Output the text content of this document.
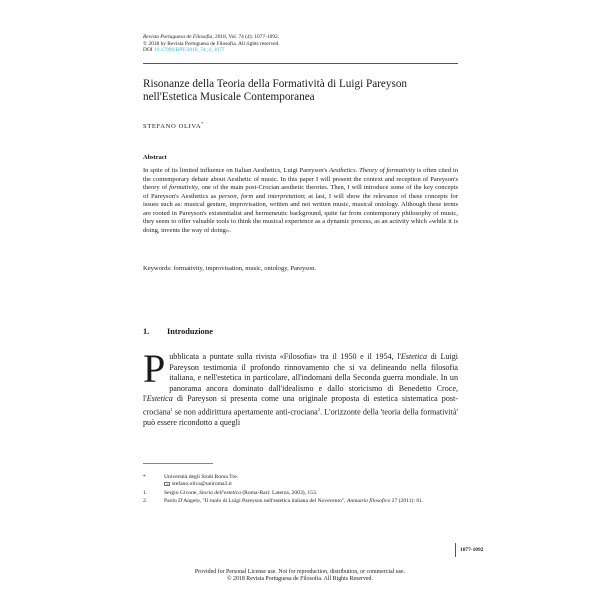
Revista Portuguesa de Filosofia, 2018, Vol. 74 (4): 1077-1092.
© 2018 by Revista Portuguesa de Filosofia. All rights reserved.
DOI 10.17990/RPF/2018_74_4_1077
Risonanze della Teoria della Formatività di Luigi Pareyson
nell'Estetica Musicale Contemporanea
STEFANO OLIVA*
Abstract
In spite of its limited influence on Italian Aesthetics, Luigi Pareyson's Aesthetics. Theory of formativity is often cited in the contemporary debate about Aesthetic of music. In this paper I will present the context and reception of Pareyson's theory of formativity, one of the main post-Crocian aesthetic theories. Then, I will introduce some of the key concepts of Pareyson's Aesthetics as person, form and interpretation; at last, I will show the relevance of these concepts for issues such as: musical gesture, improvisation, written and not written music, musical ontology. Although these terms are rooted in Pareyson's existentialist and hermeneutic background, quite far from contemporary philosophy of music, they seem to offer valuable tools to think the musical experience as a dynamic process, as an activity which «while it is doing, invents the way of doing».
Keywords: formativity, improvisation, music, ontology, Pareyson.
1. Introduzione
Pubblicata a puntate sulla rivista «Filosofia» tra il 1950 e il 1954, l'Estetica di Luigi Pareyson testimonia il profondo rinnovamento che si va delineando nella filosofia italiana, e nell'estetica in particolare, all'indomani della Seconda guerra mondiale. In un panorama ancora dominato dall'idealismo e dallo storicismo di Benedetto Croce, l'Estetica di Pareyson si presenta come una originale proposta di estetica sistematica post-crociana$^1$ se non addirittura apertamente anti-crociana$^2$. L'orizzonte della 'teoria della formatività' può essere ricondotto a quegli
*	Università degli Studi Roma Tre.
stefano.oliva@uniroma3.it
1.	Sergio Givone, Storia dell'estetica (Roma-Bari: Laterza, 2003), 153.
2.	Paolo D'Angelo, "Il ruolo di Luigi Pareyson nell'estetica italiana del Novecento", Annuario filosofico 27 (2011): 61.
1077-1092
Provided for Personal License use. Not for reproduction, distribution, or commercial use.
© 2018 Revista Portuguesa de Filosofia. All Rights Reserved.
